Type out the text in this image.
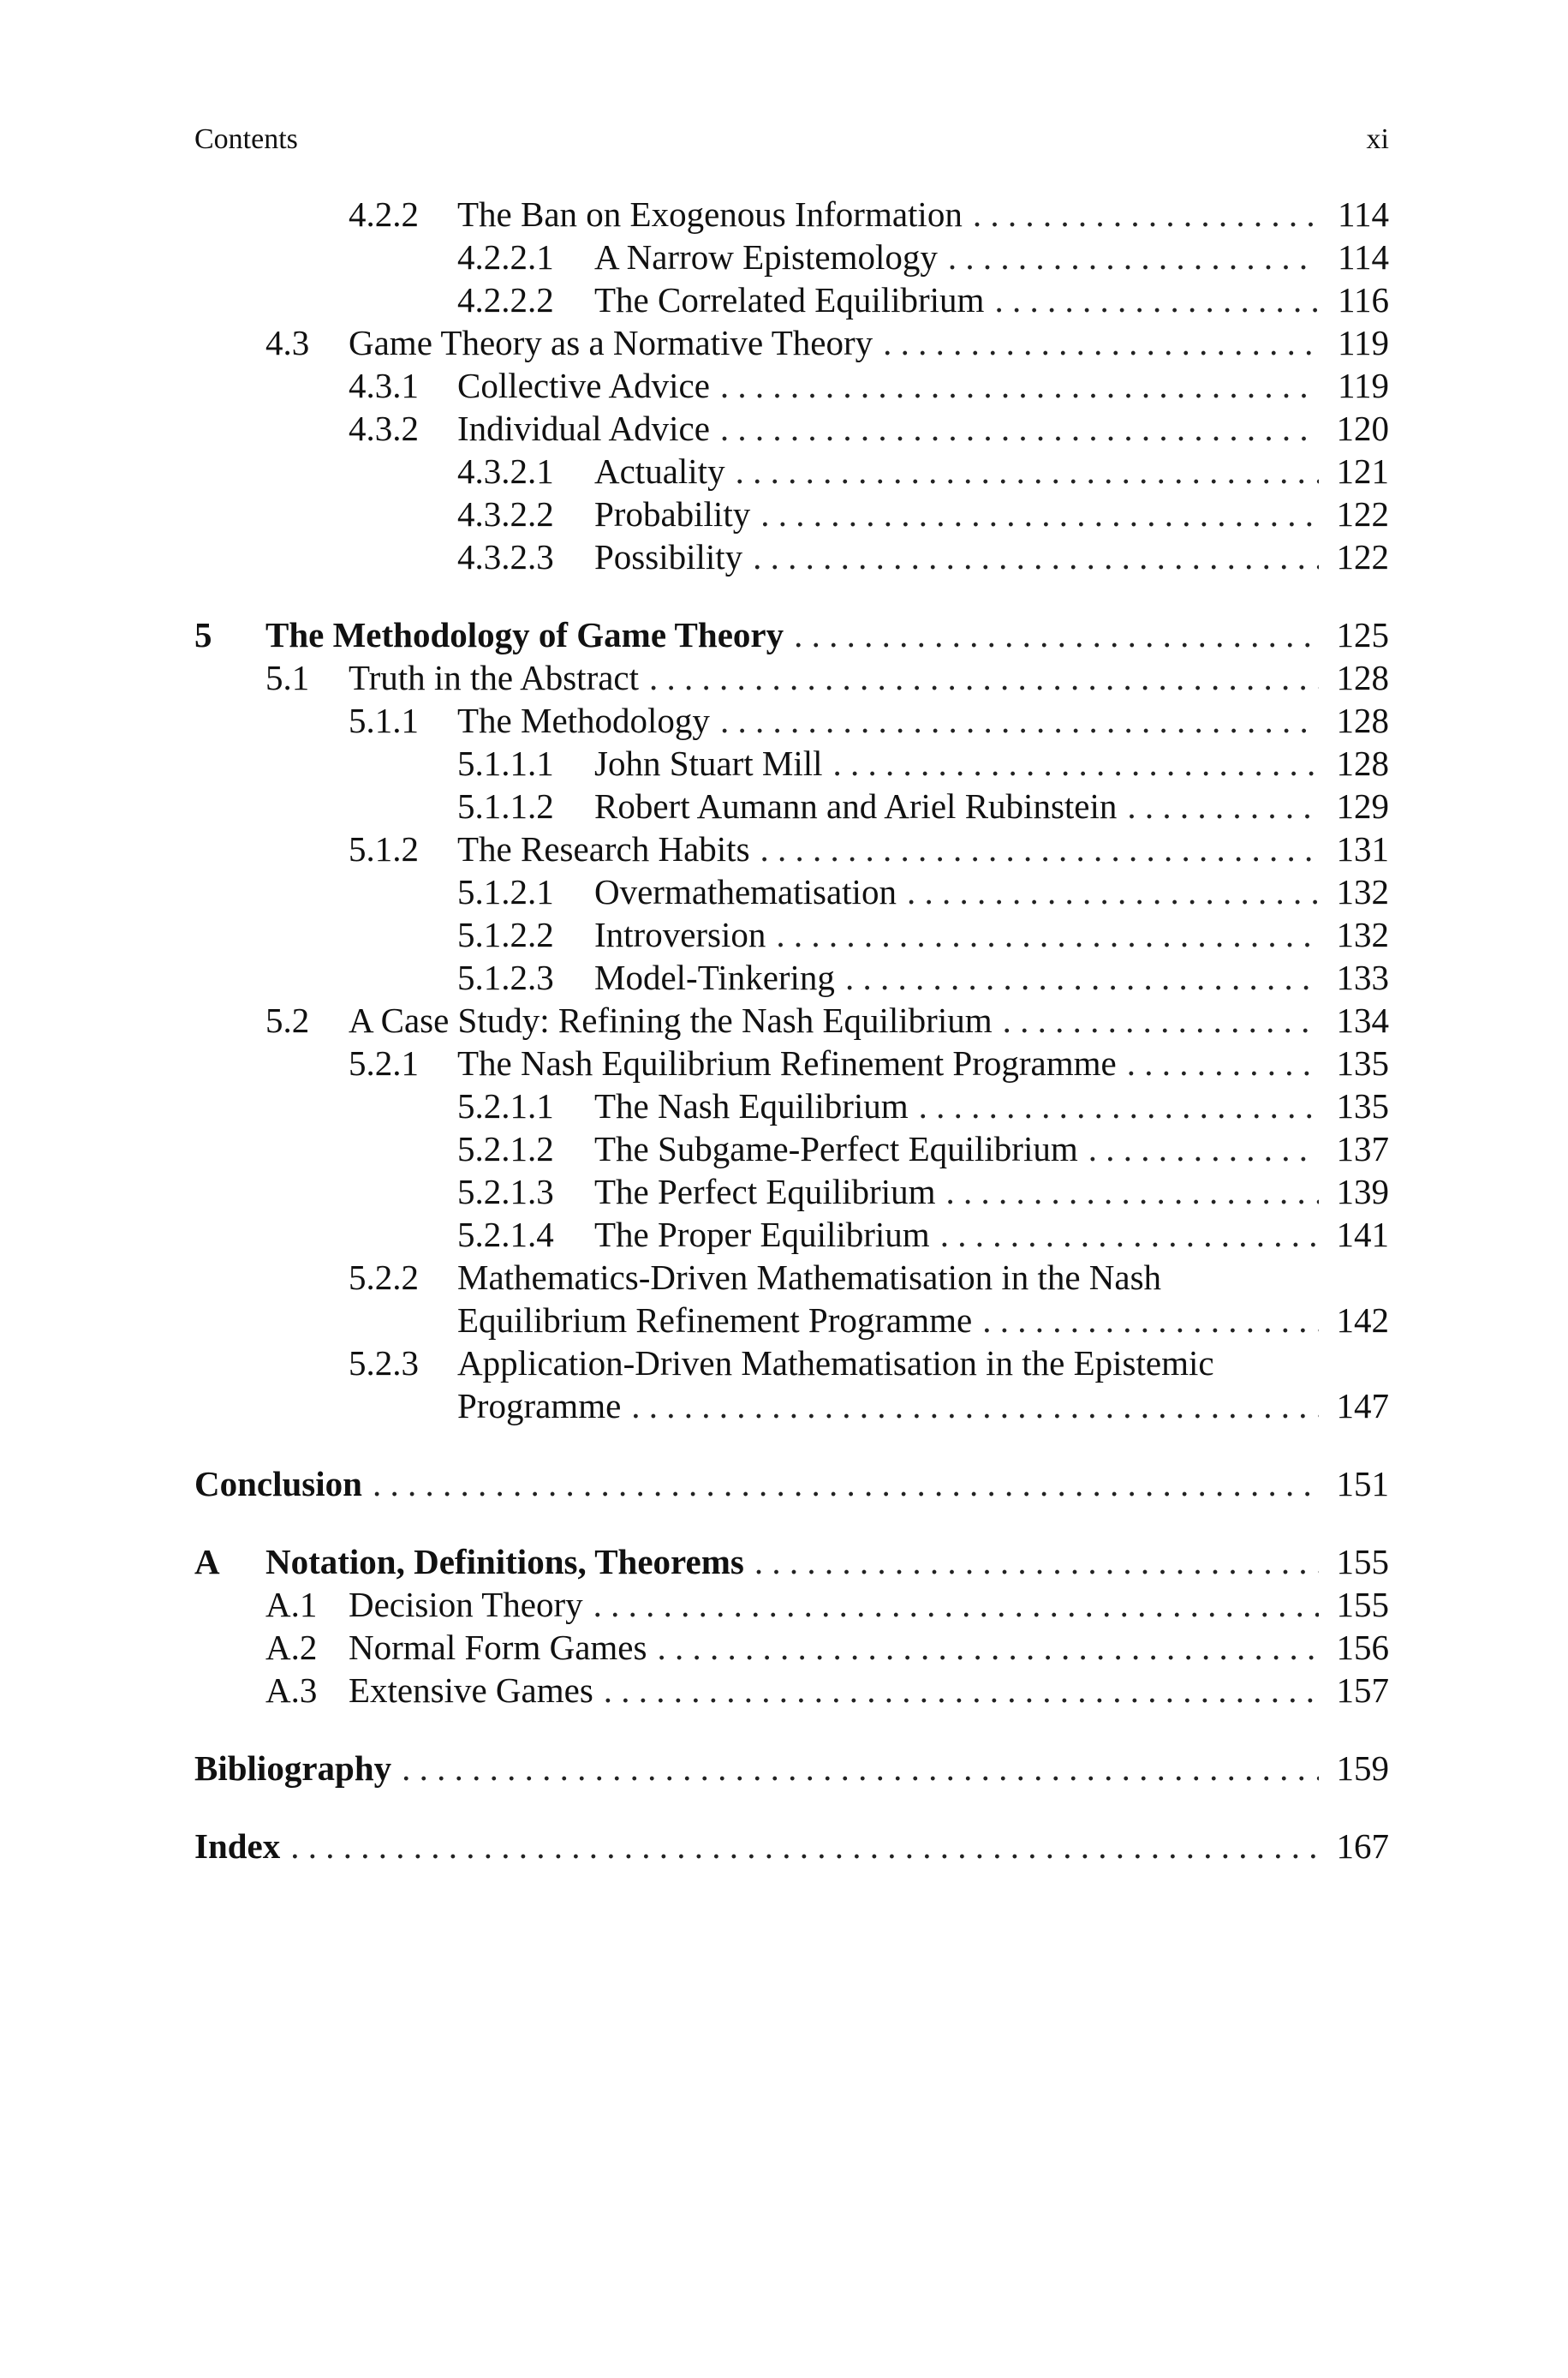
Contents	xi
4.2.2 The Ban on Exogenous Information . . .	114
4.2.2.1 A Narrow Epistemology . . .	114
4.2.2.2 The Correlated Equilibrium . . .	116
4.3 Game Theory as a Normative Theory . . .	119
4.3.1 Collective Advice . . .	119
4.3.2 Individual Advice . . .	120
4.3.2.1 Actuality . . .	121
4.3.2.2 Probability . . .	122
4.3.2.3 Possibility . . .	122
5 The Methodology of Game Theory . . .	125
5.1 Truth in the Abstract . . .	128
5.1.1 The Methodology . . .	128
5.1.1.1 John Stuart Mill . . .	128
5.1.1.2 Robert Aumann and Ariel Rubinstein . . .	129
5.1.2 The Research Habits . . .	131
5.1.2.1 Overmathematisation . . .	132
5.1.2.2 Introversion . . .	132
5.1.2.3 Model-Tinkering . . .	133
5.2 A Case Study: Refining the Nash Equilibrium . . .	134
5.2.1 The Nash Equilibrium Refinement Programme . . .	135
5.2.1.1 The Nash Equilibrium . . .	135
5.2.1.2 The Subgame-Perfect Equilibrium . . .	137
5.2.1.3 The Perfect Equilibrium . . .	139
5.2.1.4 The Proper Equilibrium . . .	141
5.2.2 Mathematics-Driven Mathematisation in the Nash
Equilibrium Refinement Programme . . .	142
5.2.3 Application-Driven Mathematisation in the Epistemic
Programme . . .	147
Conclusion . . .	151
A Notation, Definitions, Theorems . . .	155
A.1 Decision Theory . . .	155
A.2 Normal Form Games . . .	156
A.3 Extensive Games . . .	157
Bibliography . . .	159
Index . . .	167
